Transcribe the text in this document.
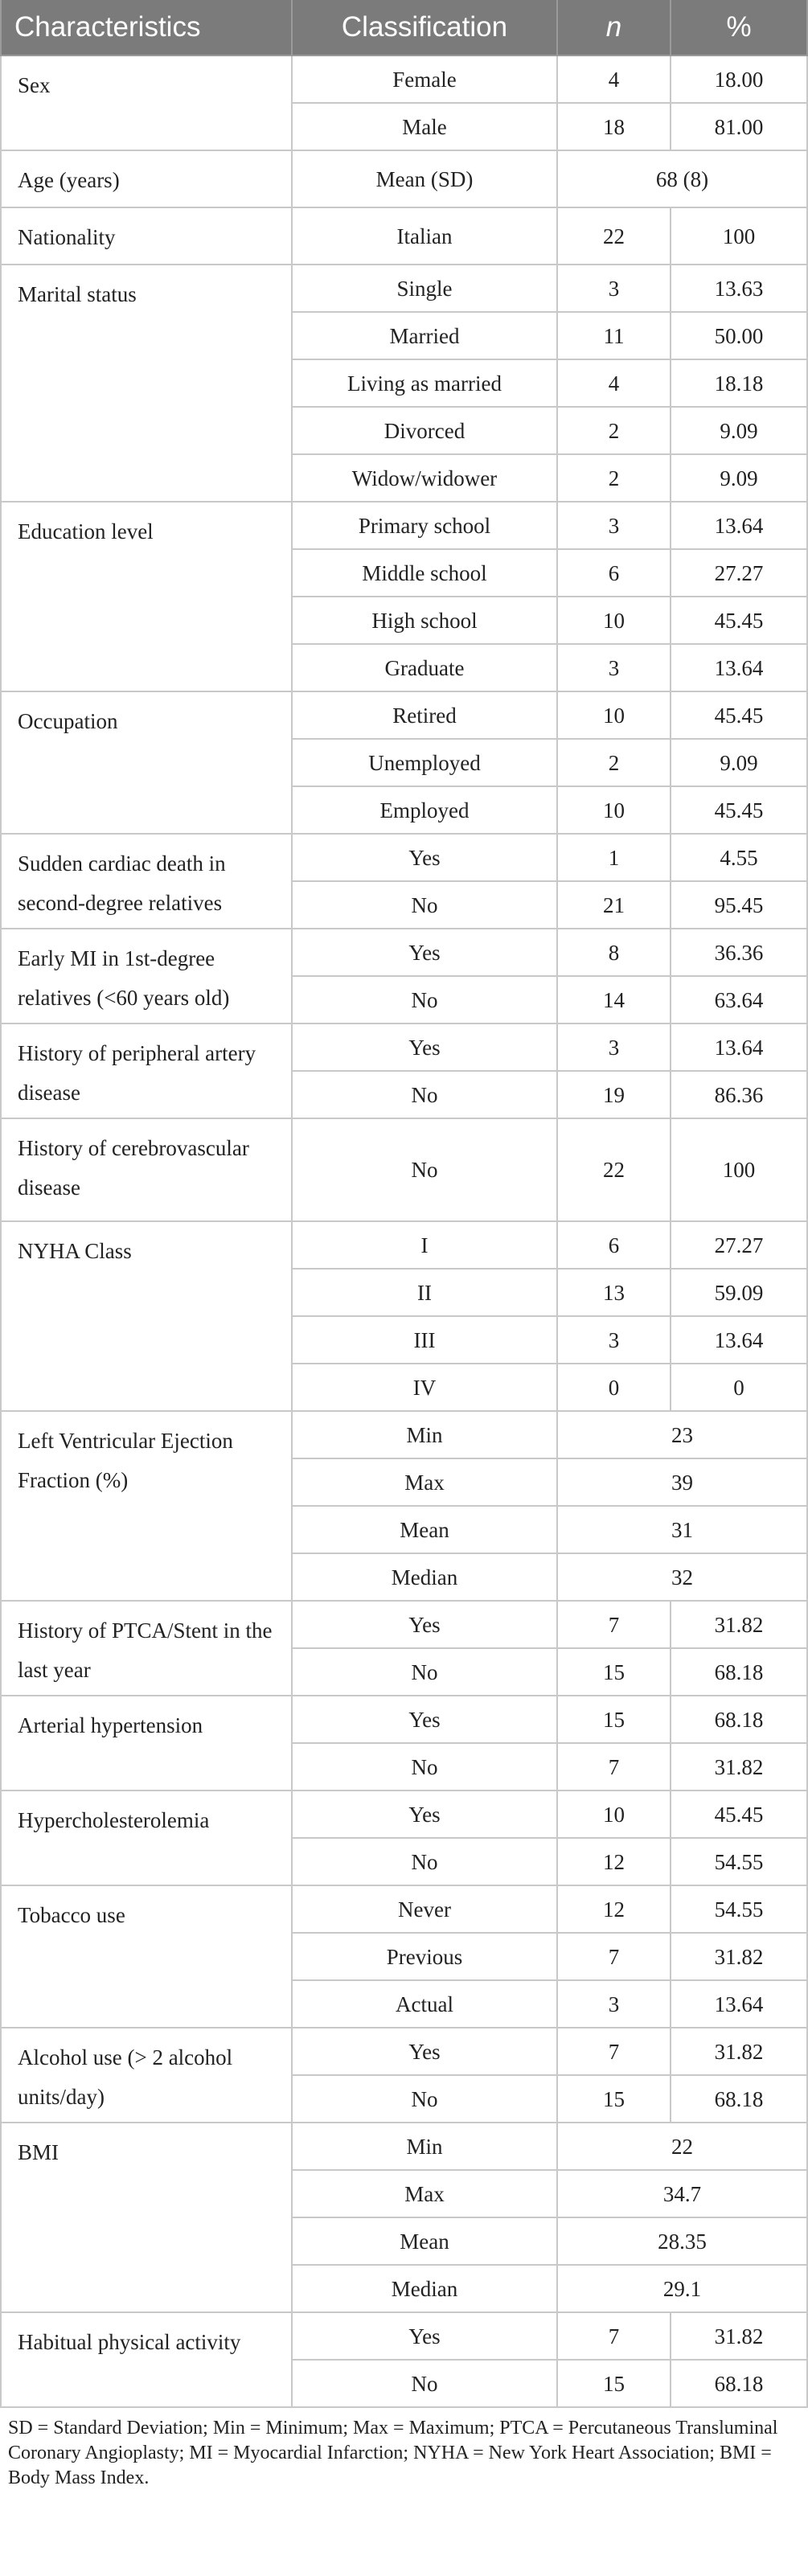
Characteristics	Classification	n	%
Sex	Female	4	18.00
	Male	18	81.00
Age (years)	Mean (SD)	68 (8)	
Nationality	Italian	22	100
Marital status	Single	3	13.63
	Married	11	50.00
	Living as married	4	18.18
	Divorced	2	9.09
	Widow/widower	2	9.09
Education level	Primary school	3	13.64
	Middle school	6	27.27
	High school	10	45.45
	Graduate	3	13.64
Occupation	Retired	10	45.45
	Unemployed	2	9.09
	Employed	10	45.45
Sudden cardiac death in second-degree relatives	Yes	1	4.55
	No	21	95.45
Early MI in 1st-degree relatives (<60 years old)	Yes	8	36.36
	No	14	63.64
History of peripheral artery disease	Yes	3	13.64
	No	19	86.36
History of cerebrovascular disease	No	22	100
NYHA Class	I	6	27.27
	II	13	59.09
	III	3	13.64
	IV	0	0
Left Ventricular Ejection Fraction (%)	Min	23	
	Max	39	
	Mean	31	
	Median	32	
History of PTCA/Stent in the last year	Yes	7	31.82
	No	15	68.18
Arterial hypertension	Yes	15	68.18
	No	7	31.82
Hypercholesterolemia	Yes	10	45.45
	No	12	54.55
Tobacco use	Never	12	54.55
	Previous	7	31.82
	Actual	3	13.64
Alcohol use (> 2 alcohol units/day)	Yes	7	31.82
	No	15	68.18
BMI	Min	22	
	Max	34.7	
	Mean	28.35	
	Median	29.1	
Habitual physical activity	Yes	7	31.82
	No	15	68.18
SD = Standard Deviation; Min = Minimum; Max = Maximum; PTCA = Percutaneous Transluminal Coronary Angioplasty; MI = Myocardial Infarction; NYHA = New York Heart Association; BMI = Body Mass Index.
